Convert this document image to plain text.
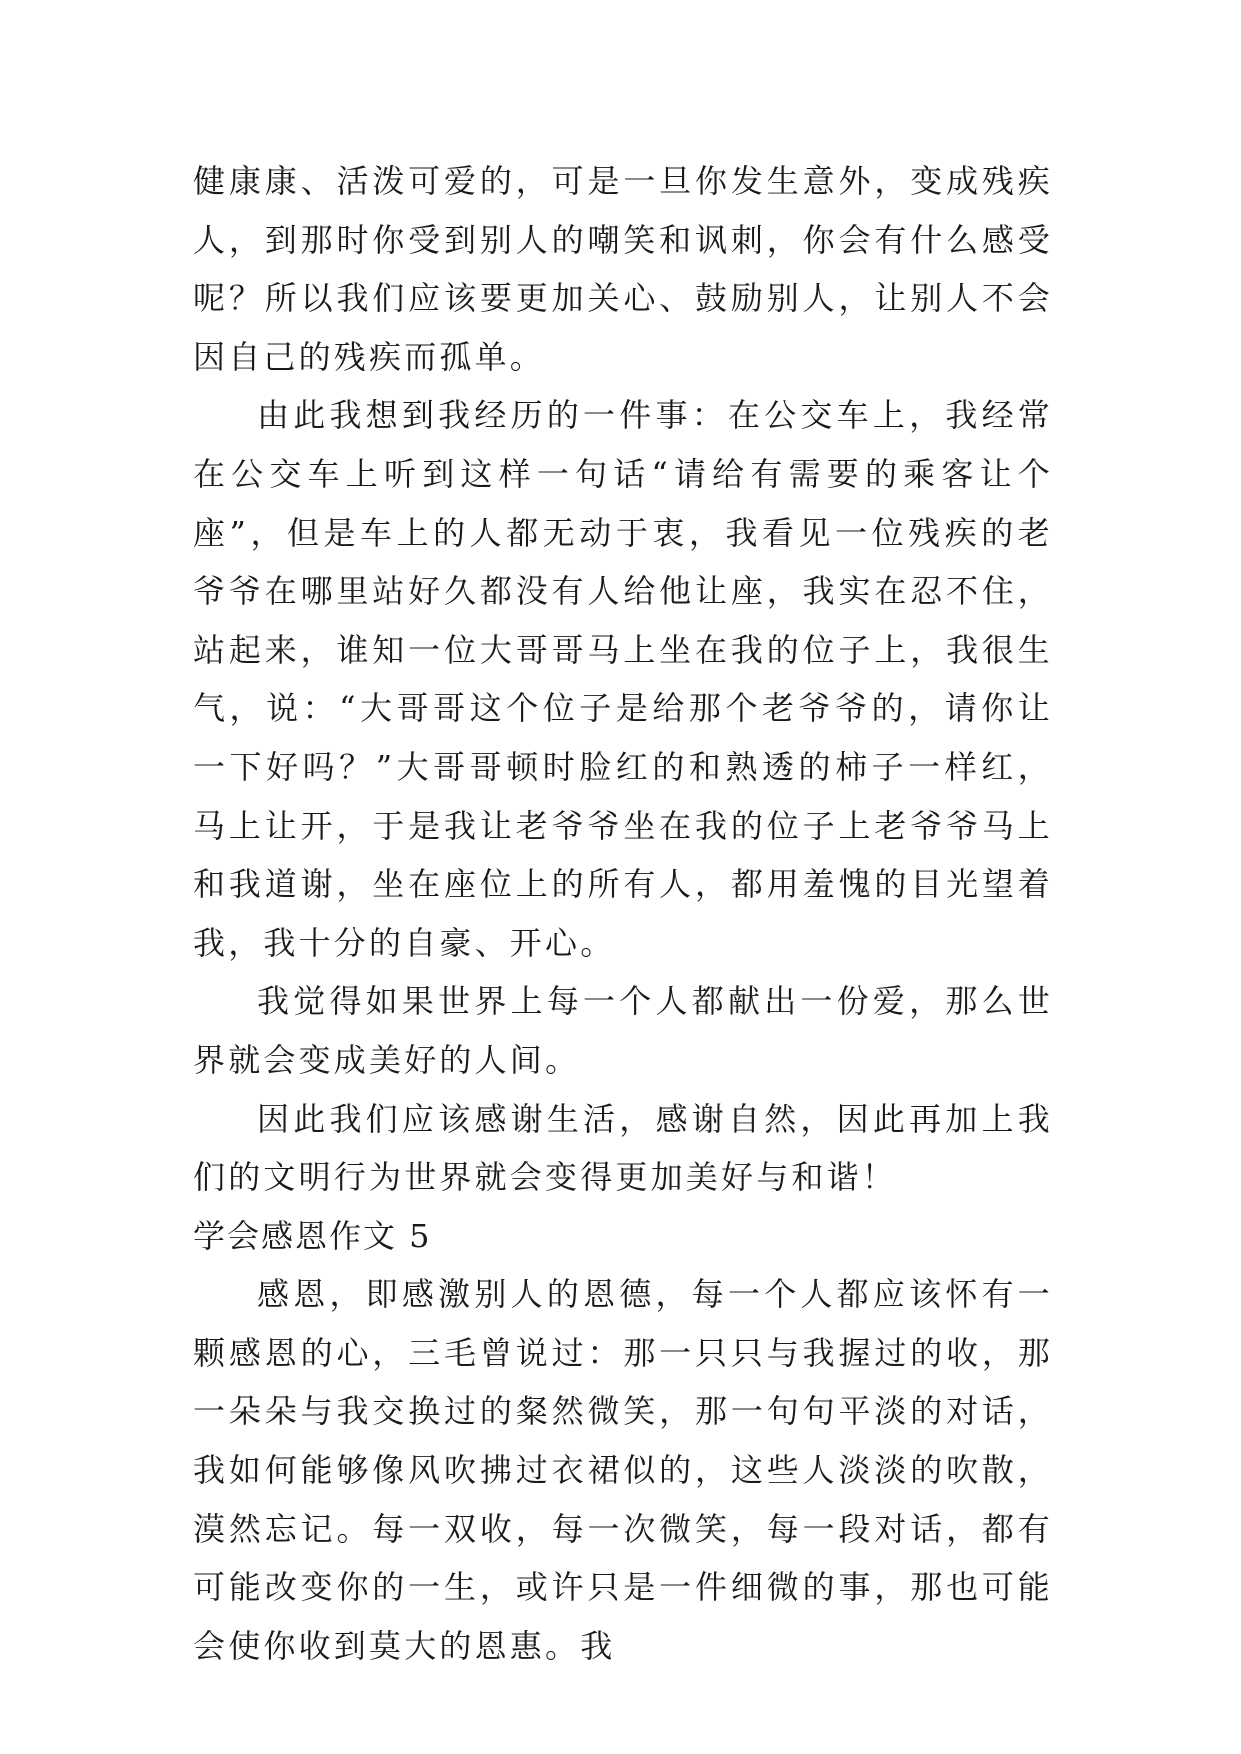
健康康、活泼可爱的，可是一旦你发生意外，变成残疾人，到那时你受到别人的嘲笑和讽刺，你会有什么感受呢？所以我们应该要更加关心、鼓励别人，让别人不会因自己的残疾而孤单。

由此我想到我经历的一件事：在公交车上，我经常在公交车上听到这样一句话“请给有需要的乘客让个座”，但是车上的人都无动于衷，我看见一位残疾的老爷爷在哪里站好久都没有人给他让座，我实在忍不住，站起来，谁知一位大哥哥马上坐在我的位子上，我很生气，说：“大哥哥这个位子是给那个老爷爷的，请你让一下好吗？”大哥哥顿时脸红的和熟透的柿子一样红，马上让开，于是我让老爷爷坐在我的位子上老爷爷马上和我道谢，坐在座位上的所有人，都用羞愧的目光望着我，我十分的自豪、开心。

我觉得如果世界上每一个人都献出一份爱，那么世界就会变成美好的人间。

因此我们应该感谢生活，感谢自然，因此再加上我们的文明行为世界就会变得更加美好与和谐！

学会感恩作文 5

感恩，即感激别人的恩德，每一个人都应该怀有一颗感恩的心，三毛曾说过：那一只只与我握过的收，那一朵朵与我交换过的粲然微笑，那一句句平淡的对话，我如何能够像风吹拂过衣裙似的，这些人淡淡的吹散，漠然忘记。每一双收，每一次微笑，每一段对话，都有可能改变你的一生，或许只是一件细微的事，那也可能会使你收到莫大的恩惠。我
